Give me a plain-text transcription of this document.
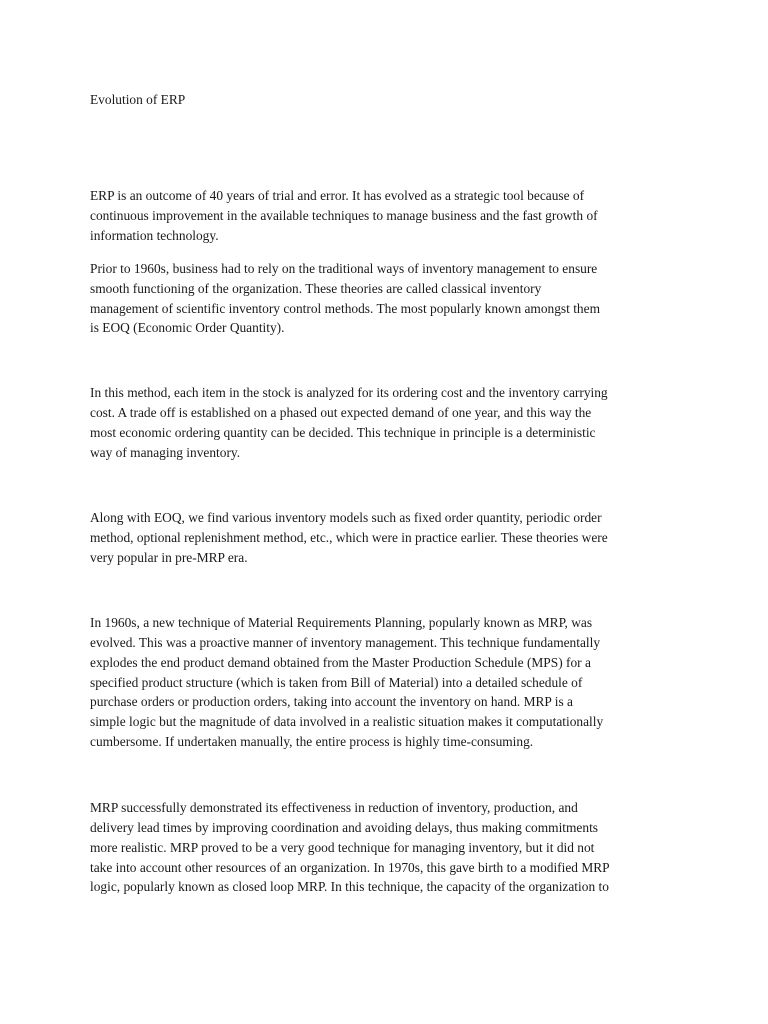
Evolution of ERP

ERP is an outcome of 40 years of trial and error. It has evolved as a strategic tool because of

continuous improvement in the available techniques to manage business and the fast growth of

information technology.

Prior to 1960s, business had to rely on the traditional ways of inventory management to ensure

smooth functioning of the organization. These theories are called classical inventory

management of scientific inventory control methods. The most popularly known amongst them

is EOQ (Economic Order Quantity).

In this method, each item in the stock is analyzed for its ordering cost and the inventory carrying

cost. A trade off is established on a phased out expected demand of one year, and this way the

most economic ordering quantity can be decided. This technique in principle is a deterministic

way of managing inventory.

Along with EOQ, we find various inventory models such as fixed order quantity, periodic order

method, optional replenishment method, etc., which were in practice earlier. These theories were

very popular in pre-MRP era.

In 1960s, a new technique of Material Requirements Planning, popularly known as MRP, was

evolved. This was a proactive manner of inventory management. This technique fundamentally

explodes the end product demand obtained from the Master Production Schedule (MPS) for a

specified product structure (which is taken from Bill of Material) into a detailed schedule of

purchase orders or production orders, taking into account the inventory on hand. MRP is a

simple logic but the magnitude of data involved in a realistic situation makes it computationally

cumbersome. If undertaken manually, the entire process is highly time-consuming.

MRP successfully demonstrated its effectiveness in reduction of inventory, production, and

delivery lead times by improving coordination and avoiding delays, thus making commitments

more realistic. MRP proved to be a very good technique for managing inventory, but it did not

take into account other resources of an organization. In 1970s, this gave birth to a modified MRP

logic, popularly known as closed loop MRP. In this technique, the capacity of the organization to
